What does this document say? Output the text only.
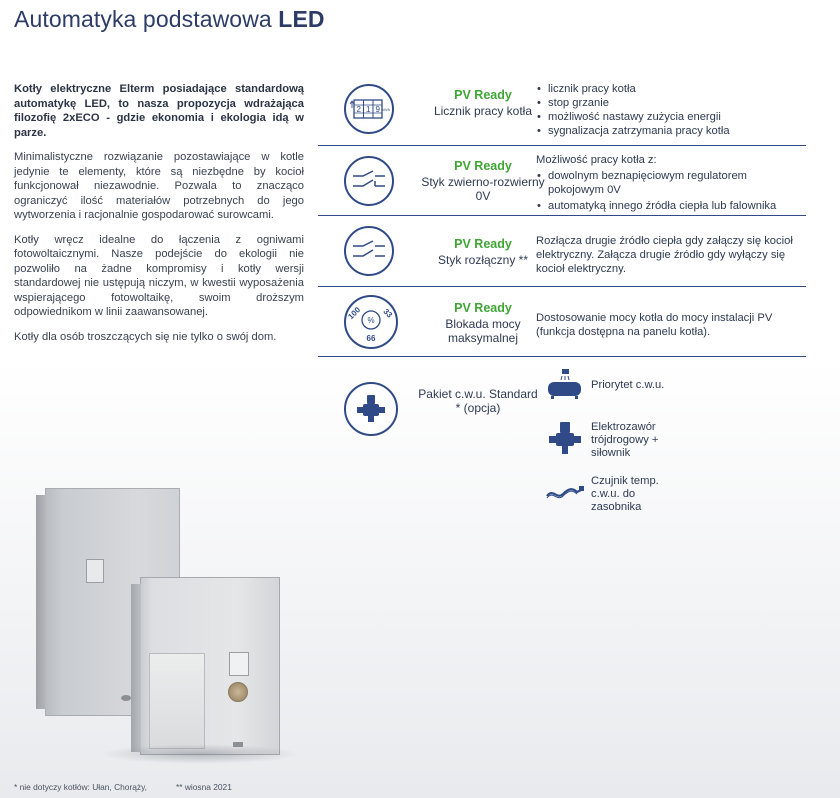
Automatyka podstawowa LED

Kotły elektryczne Elterm posiadające standardową automatykę LED, to nasza propozycja wdrażająca filozofię 2xECO - gdzie ekonomia i ekologia idą w parze.

Minimalistyczne rozwiązanie pozostawiające w kotle jedynie te elementy, które są niezbędne by kocioł funkcjonował niezawodnie. Pozwala to znacząco ograniczyć ilość materiałów potrzebnych do jego wytworzenia i racjonalnie gospodarować surowcami.

Kotły wręcz idealne do łączenia z ogniwami fotowoltaicznymi. Nasze podejście do ekologii nie pozwoliło na żadne kompromisy i kotły wersji standardowej nie ustępują niczym, w kwestii wyposażenia wspierającego fotowoltaikę, swoim droższym odpowiednikom w linii zaawansowanej.

Kotły dla osób troszczących się nie tylko o swój dom.

2 1 9 kWh
PV Ready
Licznik pracy kotła
• licznik pracy kotła
• stop grzanie
• możliwość nastawy zużycia energii
• sygnalizacja zatrzymania pracy kotła
PV Ready
Styk zwierno-rozwierny 0V
Możliwość pracy kotła z:
• dowolnym beznapięciowym regulatorem pokojowym 0V
• automatyką innego źródła ciepła lub falownika
PV Ready
Styk rozłączny **
Rozłącza drugie źródło ciepła gdy załączy się kocioł elektryczny. Załącza drugie źródło gdy wyłączy się kocioł elektryczny.
%
100 33
66
PV Ready
Blokada mocy maksymalnej
Dostosowanie mocy kotła do mocy instalacji PV (funkcja dostępna na panelu kotła).
Pakiet c.w.u. Standard * (opcja)
Priorytet c.w.u.
Elektrozawór trójdrogowy + siłownik
Czujnik temp. c.w.u. do zasobnika
* nie dotyczy kotłów: Ułan, Chorąży,	** wiosna 2021
